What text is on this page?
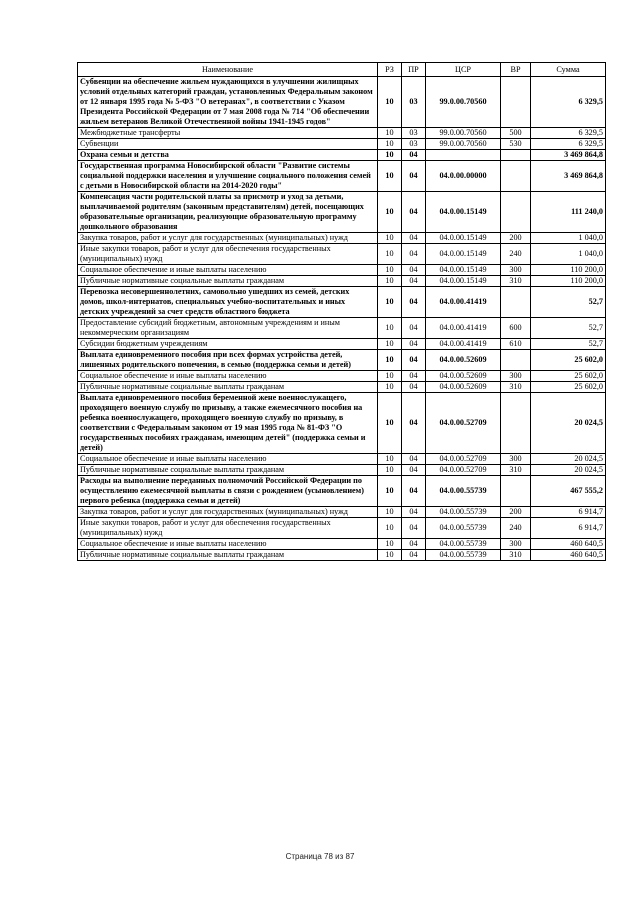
Наименование	РЗ	ПР	ЦСР	ВР	Сумма
Субвенции на обеспечение жильем нуждающихся в улучшении жилищных условий отдельных категорий граждан, установленных Федеральным законом от 12 января 1995 года № 5-ФЗ "О ветеранах", в соответствии с Указом Президента Российской Федерации от 7 мая 2008 года № 714 "Об обеспечении жильем ветеранов Великой Отечественной войны 1941-1945 годов"	10	03	99.0.00.70560		6 329,5
Межбюджетные трансферты	10	03	99.0.00.70560	500	6 329,5
Субвенции	10	03	99.0.00.70560	530	6 329,5
Охрана семьи и детства	10	04			3 469 864,8
Государственная программа Новосибирской области "Развитие системы социальной поддержки населения и улучшение социального положения семей с детьми в Новосибирской области на 2014-2020 годы"	10	04	04.0.00.00000		3 469 864,8
Компенсация части родительской платы за присмотр и уход за детьми, выплачиваемой родителям (законным представителям) детей, посещающих образовательные организации, реализующие образовательную программу дошкольного образования	10	04	04.0.00.15149		111 240,0
Закупка товаров, работ и услуг для государственных (муниципальных) нужд	10	04	04.0.00.15149	200	1 040,0
Иные закупки товаров, работ и услуг для обеспечения государственных (муниципальных) нужд	10	04	04.0.00.15149	240	1 040,0
Социальное обеспечение и иные выплаты населению	10	04	04.0.00.15149	300	110 200,0
Публичные нормативные социальные выплаты гражданам	10	04	04.0.00.15149	310	110 200,0
Перевозка несовершеннолетних, самовольно ушедших из семей, детских домов, школ-интернатов, специальных учебно-воспитательных и иных детских учреждений за счет средств областного бюджета	10	04	04.0.00.41419		52,7
Предоставление субсидий бюджетным, автономным учреждениям и иным некоммерческим организациям	10	04	04.0.00.41419	600	52,7
Субсидии бюджетным учреждениям	10	04	04.0.00.41419	610	52,7
Выплата единовременного пособия при всех формах устройства детей, лишенных родительского попечения, в семью (поддержка семьи и детей)	10	04	04.0.00.52609		25 602,0
Социальное обеспечение и иные выплаты населению	10	04	04.0.00.52609	300	25 602,0
Публичные нормативные социальные выплаты гражданам	10	04	04.0.00.52609	310	25 602,0
Выплата единовременного пособия беременной жене военнослужащего, проходящего военную службу по призыву, а также ежемесячного пособия на ребенка военнослужащего, проходящего военную службу по призыву, в соответствии с Федеральным законом от 19 мая 1995 года № 81-ФЗ "О государственных пособиях гражданам, имеющим детей" (поддержка семьи и детей)	10	04	04.0.00.52709		20 024,5
Социальное обеспечение и иные выплаты населению	10	04	04.0.00.52709	300	20 024,5
Публичные нормативные социальные выплаты гражданам	10	04	04.0.00.52709	310	20 024,5
Расходы на выполнение переданных полномочий Российской Федерации по осуществлению ежемесячной выплаты в связи с рождением (усыновлением) первого ребенка (поддержка семьи и детей)	10	04	04.0.00.55739		467 555,2
Закупка товаров, работ и услуг для государственных (муниципальных) нужд	10	04	04.0.00.55739	200	6 914,7
Иные закупки товаров, работ и услуг для обеспечения государственных (муниципальных) нужд	10	04	04.0.00.55739	240	6 914,7
Социальное обеспечение и иные выплаты населению	10	04	04.0.00.55739	300	460 640,5
Публичные нормативные социальные выплаты гражданам	10	04	04.0.00.55739	310	460 640,5
Страница 78 из 87
